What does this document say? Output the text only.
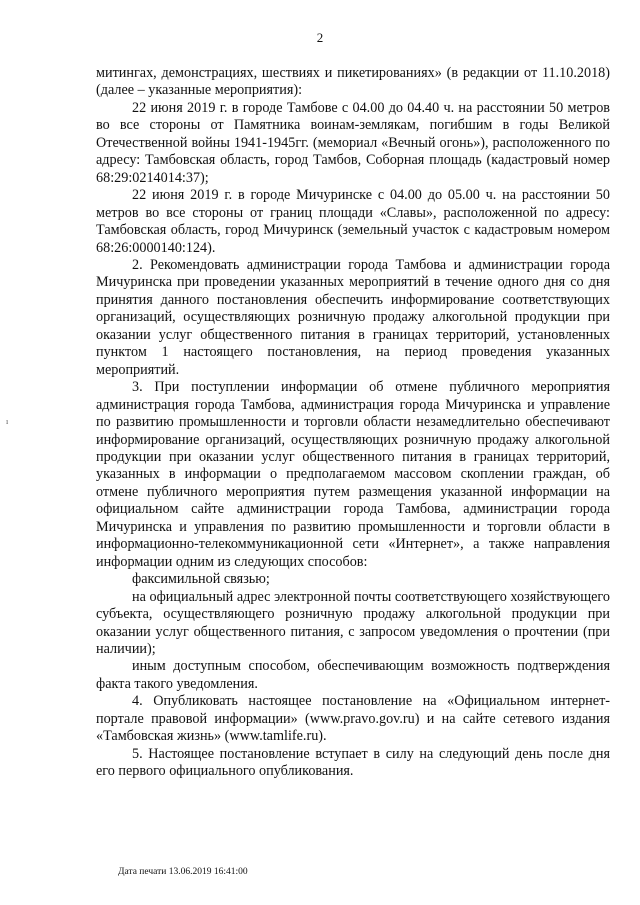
2
ı

митингах, демонстрациях, шествиях и пикетированиях» (в редакции от 11.10.2018) (далее – указанные мероприятия):

22 июня 2019 г. в городе Тамбове с 04.00 до 04.40 ч. на расстоянии 50 метров во все стороны от Памятника воинам-землякам, погибшим в годы Великой Отечественной войны 1941-1945гг. (мемориал «Вечный огонь»), расположенного по адресу: Тамбовская область, город Тамбов, Соборная площадь (кадастровый номер 68:29:0214014:37);

22 июня 2019 г. в городе Мичуринске с 04.00 до 05.00 ч. на расстоянии 50 метров во все стороны от границ площади «Славы», расположенной по адресу: Тамбовская область, город Мичуринск (земельный участок с кадастровым номером 68:26:0000140:124).

2. Рекомендовать администрации города Тамбова и администрации города Мичуринска при проведении указанных мероприятий в течение одного дня со дня принятия данного постановления обеспечить информирование соответствующих организаций, осуществляющих розничную продажу алкогольной продукции при оказании услуг общественного питания в границах территорий, установленных пунктом 1 настоящего постановления, на период проведения указанных мероприятий.

3. При поступлении информации об отмене публичного мероприятия администрация города Тамбова, администрация города Мичуринска и управление по развитию промышленности и торговли области незамедлительно обеспечивают информирование организаций, осуществляющих розничную продажу алкогольной продукции при оказании услуг общественного питания в границах территорий, указанных в информации о предполагаемом массовом скоплении граждан, об отмене публичного мероприятия путем размещения указанной информации на официальном сайте администрации города Тамбова, администрации города Мичуринска и управления по развитию промышленности и торговли области в информационно-телекоммуникационной сети «Интернет», а также направления информации одним из следующих способов:

факсимильной связью;

на официальный адрес электронной почты соответствующего хозяйствующего субъекта, осуществляющего розничную продажу алкогольной продукции при оказании услуг общественного питания, с запросом уведомления о прочтении (при наличии);

иным доступным способом, обеспечивающим возможность подтверждения факта такого уведомления.

4. Опубликовать настоящее постановление на «Официальном интернет-портале правовой информации» (www.pravo.gov.ru) и на сайте сетевого издания «Тамбовская жизнь» (www.tamlife.ru).

5. Настоящее постановление вступает в силу на следующий день после дня его первого официального опубликования.

Дата печати 13.06.2019 16:41:00
